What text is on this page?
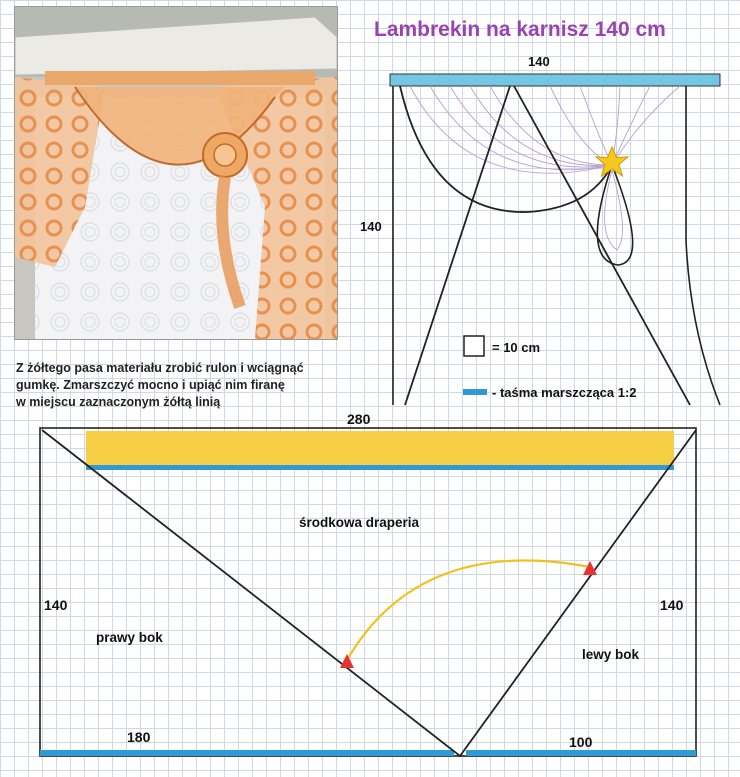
Lambrekin na karnisz 140 cm
Z żółtego pasa materiału zrobić rulon i wciągnąć
gumkę. Zmarszczyć mocno i upiąć nim firanę
w miejscu zaznaczonym żółtą linią
140
140
= 10 cm
- taśma marszcząca 1:2
280
140	140
180	100
środkowa draperia
prawy bok
lewy bok
